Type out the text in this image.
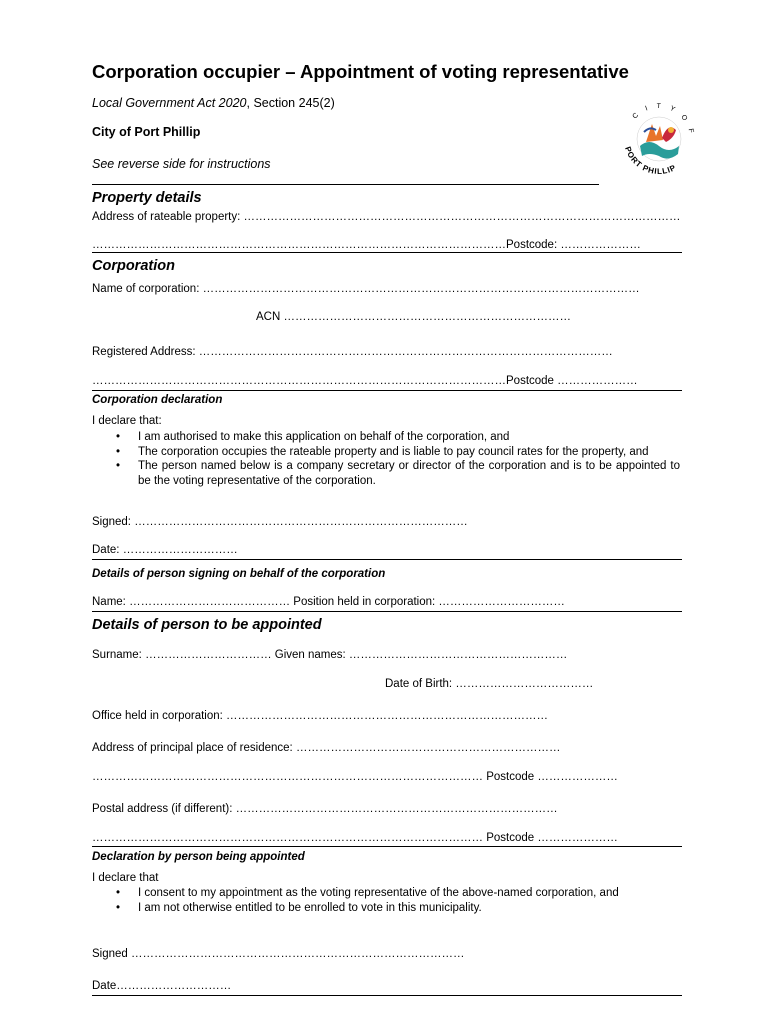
Corporation occupier – Appointment of voting representative
Local Government Act 2020, Section 245(2)
City of Port Phillip
See reverse side for instructions
C I T Y O F
PORT PHILLIP
Property details
Address of rateable property: ……………………………………………………………………………………………………
………………………………………………………………………………………………Postcode: …………………
Corporation
Name of corporation: ……………………………………………………………………………………………………
ACN …………………………………………………………………
Registered Address: ………………………………………………………………………………………………
………………………………………………………………………………………………Postcode …………………
Corporation declaration
I declare that:
• I am authorised to make this application on behalf of the corporation, and
• The corporation occupies the rateable property and is liable to pay council rates for the property, and
• The person named below is a company secretary or director of the corporation and is to be appointed to be the voting representative of the corporation.
Signed: ……………………………………………………………………………
Date: …………………………
Details of person signing on behalf of the corporation
Name: …………………………………… Position held in corporation: ……………………………
Details of person to be appointed
Surname: …………………………… Given names: …………………………………………………
Date of Birth: ………………………………
Office held in corporation: …………………………………………………………………………
Address of principal place of residence: ……………………………………………………………
………………………………………………………………………………………… Postcode …………………
Postal address (if different): …………………………………………………………………………
………………………………………………………………………………………… Postcode …………………
Declaration by person being appointed
I declare that
• I consent to my appointment as the voting representative of the above-named corporation, and
• I am not otherwise entitled to be enrolled to vote in this municipality.
Signed ……………………………………………………………………………
Date…………………………
